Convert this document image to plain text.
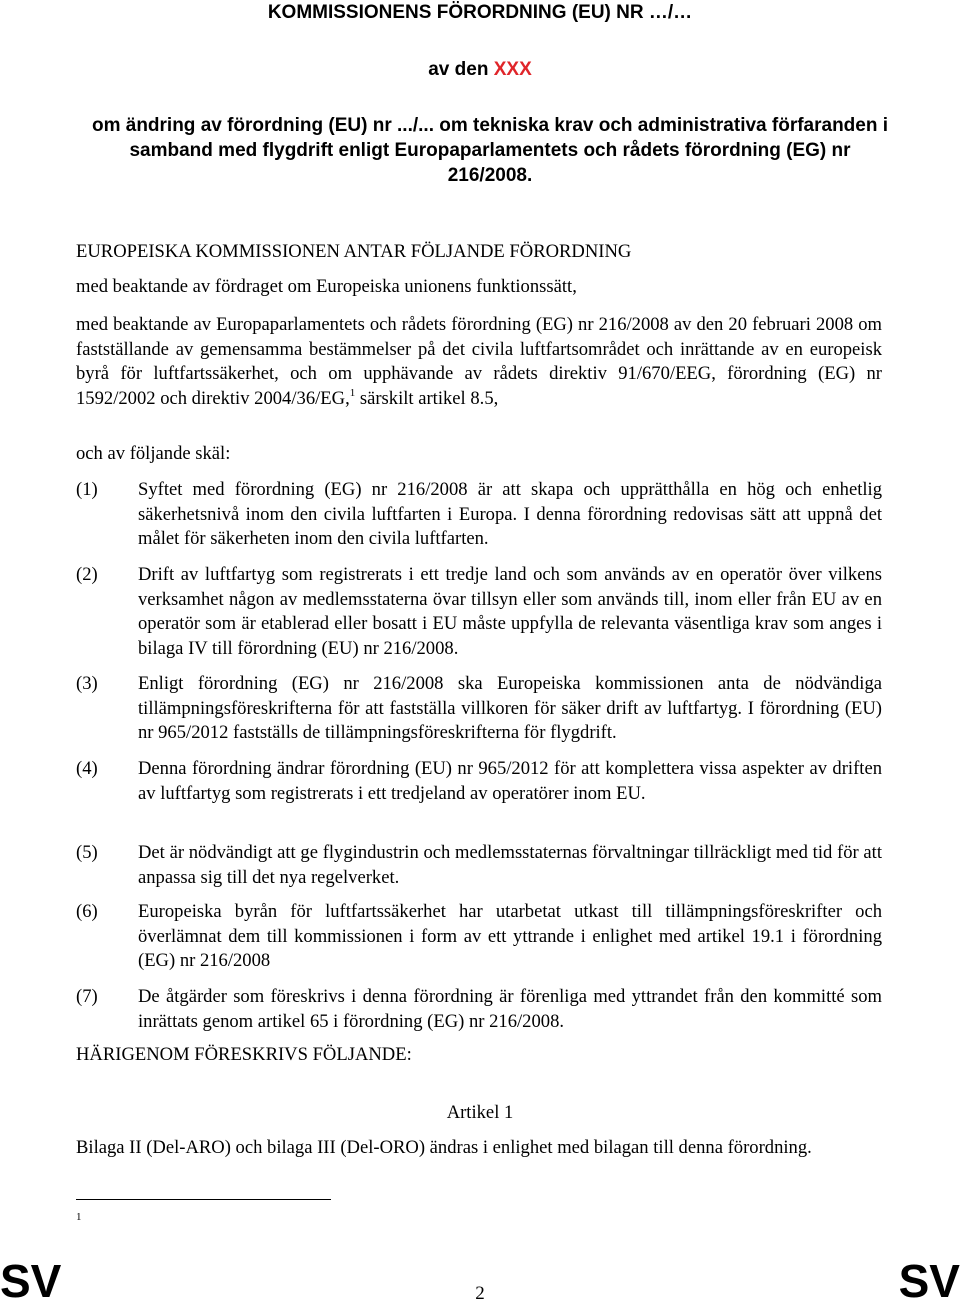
KOMMISSIONENS FÖRORDNING (EU) NR …/…
av den XXX
om ändring av förordning (EU) nr .../... om tekniska krav och administrativa förfaranden i samband med flygdrift enligt Europaparlamentets och rådets förordning (EG) nr 216/2008.
EUROPEISKA KOMMISSIONEN ANTAR FÖLJANDE FÖRORDNING
med beaktande av fördraget om Europeiska unionens funktionssätt,
med beaktande av Europaparlamentets och rådets förordning (EG) nr 216/2008 av den 20 februari 2008 om fastställande av gemensamma bestämmelser på det civila luftfartsområdet och inrättande av en europeisk byrå för luftfartssäkerhet, och om upphävande av rådets direktiv 91/670/EEG, förordning (EG) nr 1592/2002 och direktiv 2004/36/EG,$^1$ särskilt artikel 8.5,
och av följande skäl:
(1) Syftet med förordning (EG) nr 216/2008 är att skapa och upprätthålla en hög och enhetlig säkerhetsnivå inom den civila luftfarten i Europa. I denna förordning redovisas sätt att uppnå det målet för säkerheten inom den civila luftfarten.
(2) Drift av luftfartyg som registrerats i ett tredje land och som används av en operatör över vilkens verksamhet någon av medlemsstaterna övar tillsyn eller som används till, inom eller från EU av en operatör som är etablerad eller bosatt i EU måste uppfylla de relevanta väsentliga krav som anges i bilaga IV till förordning (EU) nr 216/2008.
(3) Enligt förordning (EG) nr 216/2008 ska Europeiska kommissionen anta de nödvändiga tillämpningsföreskrifterna för att fastställa villkoren för säker drift av luftfartyg. I förordning (EU) nr 965/2012 fastställs de tillämpningsföreskrifterna för flygdrift.
(4) Denna förordning ändrar förordning (EU) nr 965/2012 för att komplettera vissa aspekter av driften av luftfartyg som registrerats i ett tredjeland av operatörer inom EU.
(5) Det är nödvändigt att ge flygindustrin och medlemsstaternas förvaltningar tillräckligt med tid för att anpassa sig till det nya regelverket.
(6) Europeiska byrån för luftfartssäkerhet har utarbetat utkast till tillämpningsföreskrifter och överlämnat dem till kommissionen i form av ett yttrande i enlighet med artikel 19.1 i förordning (EG) nr 216/2008
(7) De åtgärder som föreskrivs i denna förordning är förenliga med yttrandet från den kommitté som inrättats genom artikel 65 i förordning (EG) nr 216/2008.
HÄRIGENOM FÖRESKRIVS FÖLJANDE:
Artikel 1
Bilaga II (Del-ARO) och bilaga III (Del-ORO) ändras i enlighet med bilagan till denna förordning.
1
SV	2	SV
